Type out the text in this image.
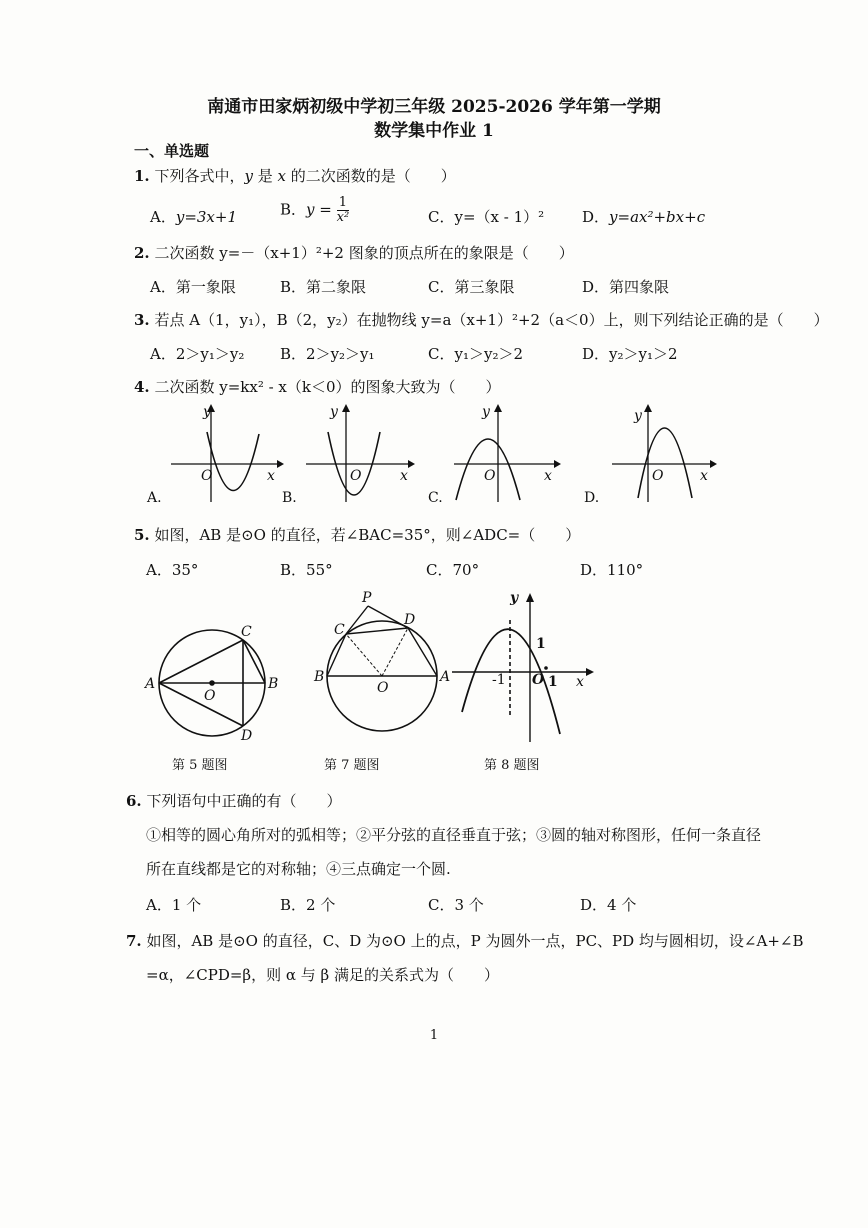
南通市田家炳初级中学初三年级 2025-2026 学年第一学期
数学集中作业 1
一、单选题
1. 下列各式中，y 是 x 的二次函数的是（　　）
A．y=3x+1	B．$y = \frac{1}{\text{x²}}$	C．y=（x - 1）²	D．y=ax²+bx+c
2. 二次函数 y=－（x+1）²+2 图象的顶点所在的象限是（　　）
A．第一象限	B．第二象限	C．第三象限	D．第四象限
3. 若点 A（1，y₁），B（2，y₂）在抛物线 y=a（x+1）²+2（a＜0）上，则下列结论正确的是（　　）
A．2＞y₁＞y₂ B．2＞y₂＞y₁	C．y₁＞y₂＞2	D．y₂＞y₁＞2
4. 二次函数 y=kx² - x（k＜0）的图象大致为（　　）
y
O	x
A.
y
O	x
B.
y
O	x
C.
y
O	x
D.
5. 如图，AB 是⊙O 的直径，若∠BAC=35°，则∠ADC=（　　）
A．35°	B．55°	C．70°	D．110°
A	B
C
D
O
第 5 题图
P
C
D
B	A
O
第 7 题图
y
x
O
1
1
-1
第 8 题图
6. 下列语句中正确的有（　　）
①相等的圆心角所对的弧相等；②平分弦的直径垂直于弦；③圆的轴对称图形，任何一条直径
所在直线都是它的对称轴；④三点确定一个圆.
A．1 个	B．2 个	C．3 个	D．4 个
7. 如图，AB 是⊙O 的直径，C、D 为⊙O 上的点，P 为圆外一点，PC、PD 均与圆相切，设∠A+∠B
=α，∠CPD=β，则 α 与 β 满足的关系式为（　　）
1
